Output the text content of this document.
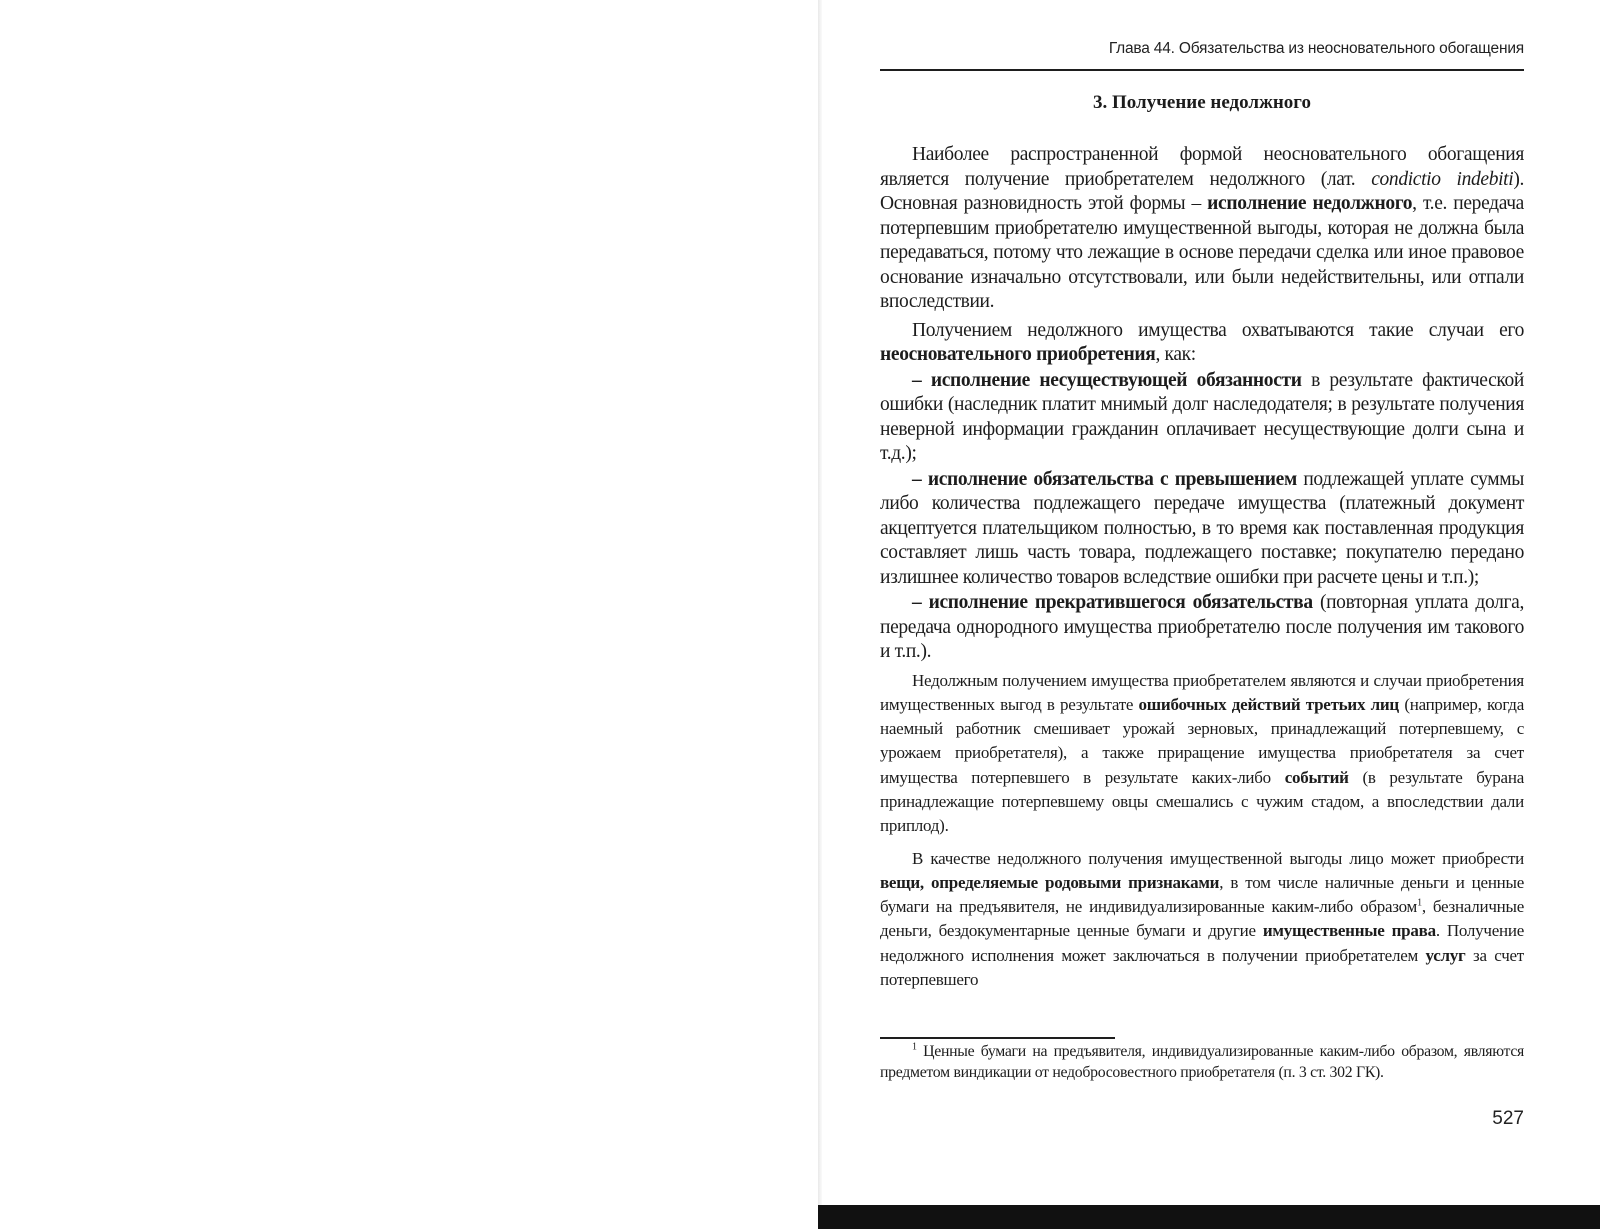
Глава 44. Обязательства из неосновательного обогащения
3. Получение недолжного

Наиболее распространенной формой неосновательного обогащения является получение приобретателем недолжного (лат. condictio indebiti). Основная разновидность этой формы – исполнение недолжного, т.е. передача потерпевшим приобретателю имущественной выгоды, которая не должна была передаваться, потому что лежащие в основе передачи сделка или иное правовое основание изначально отсутствовали, или были недействительны, или отпали впоследствии.

Получением недолжного имущества охватываются такие случаи его неосновательного приобретения, как:

– исполнение несуществующей обязанности в результате фактической ошибки (наследник платит мнимый долг наследодателя; в результате получения неверной информации гражданин оплачивает несуществующие долги сына и т.д.);

– исполнение обязательства с превышением подлежащей уплате суммы либо количества подлежащего передаче имущества (платежный документ акцептуется плательщиком полностью, в то время как поставленная продукция составляет лишь часть товара, подлежащего поставке; покупателю передано излишнее количество товаров вследствие ошибки при расчете цены и т.п.);

– исполнение прекратившегося обязательства (повторная уплата долга, передача однородного имущества приобретателю после получения им такового и т.п.).

Недолжным получением имущества приобретателем являются и случаи приобретения имущественных выгод в результате ошибочных действий третьих лиц (например, когда наемный работник смешивает урожай зерновых, принадлежащий потерпевшему, с урожаем приобретателя), а также приращение имущества приобретателя за счет имущества потерпевшего в результате каких-либо событий (в результате бурана принадлежащие потерпевшему овцы смешались с чужим стадом, а впоследствии дали приплод).

В качестве недолжного получения имущественной выгоды лицо может приобрести вещи, определяемые родовыми признаками, в том числе наличные деньги и ценные бумаги на предъявителя, не индивидуализированные каким-либо образом$^1$, безналичные деньги, бездокументарные ценные бумаги и другие имущественные права. Получение недолжного исполнения может заключаться в получении приобретателем услуг за счет потерпевшего

$^1$ Ценные бумаги на предъявителя, индивидуализированные каким-либо образом, являются предметом виндикации от недобросовестного приобретателя (п. 3 ст. 302 ГК).

527
